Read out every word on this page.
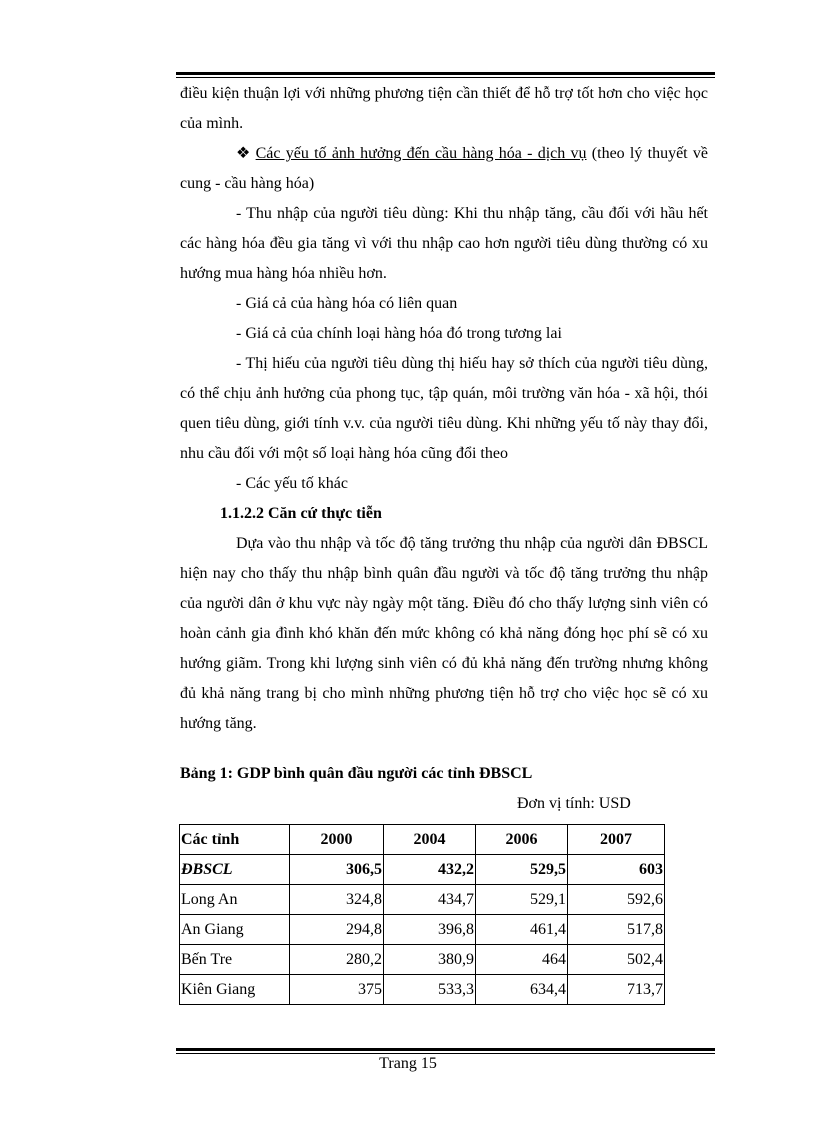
điều kiện thuận lợi với những phương tiện cần thiết để hỗ trợ tốt hơn cho việc học của mình.

❖ Các yếu tố ảnh hưởng đến cầu hàng hóa - dịch vụ (theo lý thuyết về cung - cầu hàng hóa)

- Thu nhập của người tiêu dùng: Khi thu nhập tăng, cầu đối với hầu hết các hàng hóa đều gia tăng vì với thu nhập cao hơn người tiêu dùng thường có xu hướng mua hàng hóa nhiều hơn.

- Giá cả của hàng hóa có liên quan

- Giá cả của chính loại hàng hóa đó trong tương lai

- Thị hiếu của người tiêu dùng thị hiếu hay sở thích của người tiêu dùng, có thể chịu ảnh hưởng của phong tục, tập quán, môi trường văn hóa - xã hội, thói quen tiêu dùng, giới tính v.v. của người tiêu dùng. Khi những yếu tố này thay đổi, nhu cầu đối với một số loại hàng hóa cũng đổi theo

- Các yếu tố khác

1.1.2.2 Căn cứ thực tiễn

Dựa vào thu nhập và tốc độ tăng trưởng thu nhập của người dân ĐBSCL hiện nay cho thấy thu nhập bình quân đầu người và tốc độ tăng trưởng thu nhập của người dân ở khu vực này ngày một tăng. Điều đó cho thấy lượng sinh viên có hoàn cảnh gia đình khó khăn đến mức không có khả năng đóng học phí sẽ có xu hướng giãm. Trong khi lượng sinh viên có đủ khả năng đến trường nhưng không đủ khả năng trang bị cho mình những phương tiện hỗ trợ cho việc học sẽ có xu hướng tăng.

Bảng 1: GDP bình quân đầu người các tỉnh ĐBSCL
Đơn vị tính: USD
Các tỉnh	2000	2004	2006	2007
ĐBSCL	306,5	432,2	529,5	603
Long An	324,8	434,7	529,1	592,6
An Giang	294,8	396,8	461,4	517,8
Bến Tre	280,2	380,9	464	502,4
Kiên Giang	375	533,3	634,4	713,7
Trang 15
